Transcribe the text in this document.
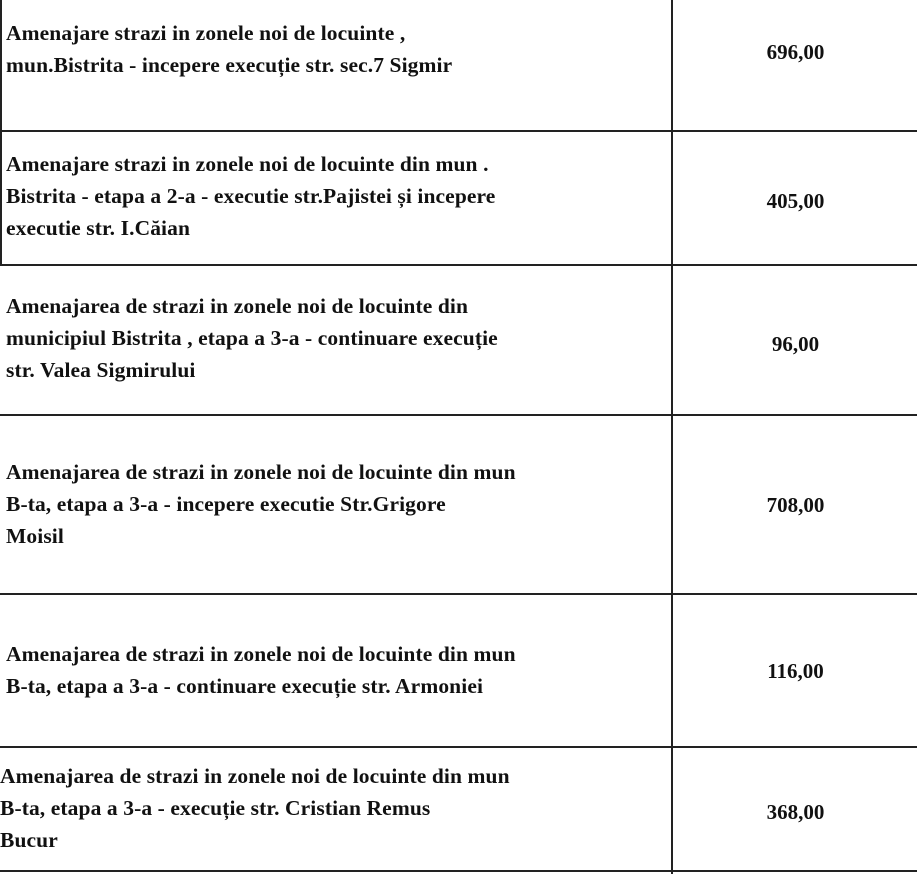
Amenajare strazi in zonele noi de locuinte ,
mun.Bistrita - incepere execuție str. sec.7 Sigmir
696,00
Amenajare strazi in zonele noi de locuinte din mun .
Bistrita - etapa a 2-a - executie str.Pajistei și incepere
executie str. I.Căian
405,00
Amenajarea de strazi in zonele noi de locuinte din
municipiul Bistrita , etapa a 3-a - continuare execuție
str. Valea Sigmirului
96,00
Amenajarea de strazi in zonele noi de locuinte din mun
B-ta, etapa a 3-a - incepere executie Str.Grigore
Moisil
708,00
Amenajarea de strazi in zonele noi de locuinte din mun
B-ta, etapa a 3-a - continuare execuție str. Armoniei
116,00
Amenajarea de strazi in zonele noi de locuinte din mun
B-ta, etapa a 3-a - execuție str. Cristian Remus
Bucur
368,00
